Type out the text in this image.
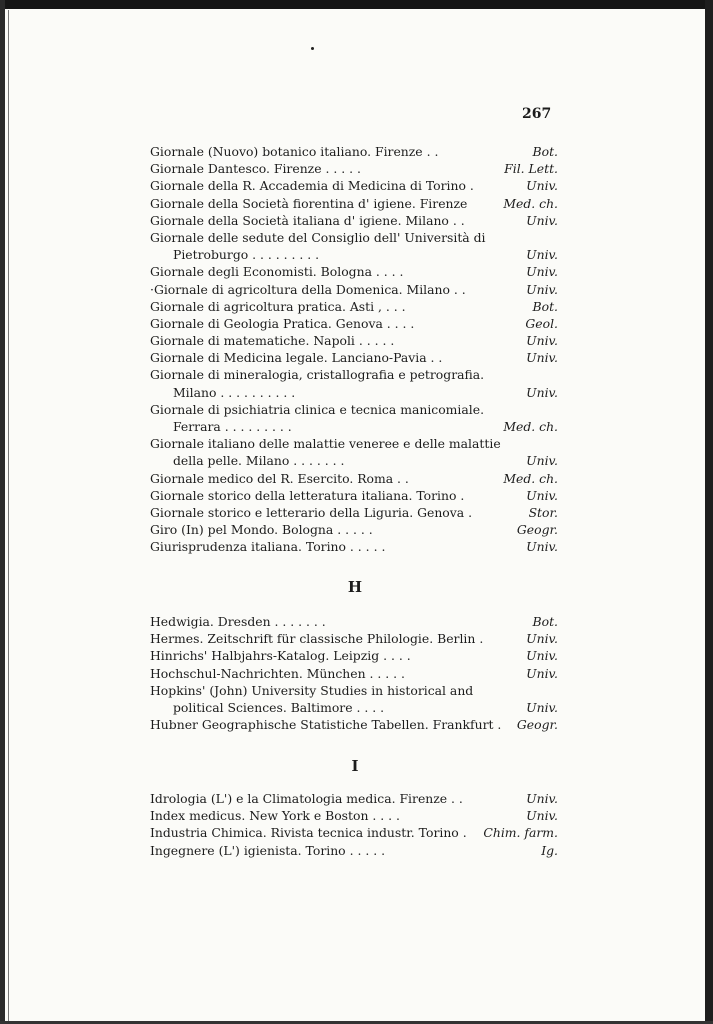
267
Giornale (Nuovo) botanico italiano. Firenze . .	Bot.
Giornale Dantesco. Firenze . . . . .	Fil. Lett.
Giornale della R. Accademia di Medicina di Torino .	Univ.
Giornale della Società fiorentina d' igiene. Firenze	Med. ch.
Giornale della Società italiana d' igiene. Milano . .	Univ.
Giornale delle sedute del Consiglio dell' Università di
Pietroburgo . . . . . . . . .	Univ.
Giornale degli Economisti. Bologna . . . .	Univ.
·Giornale di agricoltura della Domenica. Milano . .	Univ.
Giornale di agricoltura pratica. Asti , . . .	Bot.
Giornale di Geologia Pratica. Genova . . . .	Geol.
Giornale di matematiche. Napoli . . . . .	Univ.
Giornale di Medicina legale. Lanciano-Pavia . .	Univ.
Giornale di mineralogia, cristallografia e petrografia.
Milano . . . . . . . . . .	Univ.
Giornale di psichiatria clinica e tecnica manicomiale.
Ferrara . . . . . . . . .	Med. ch.
Giornale italiano delle malattie veneree e delle malattie
della pelle. Milano . . . . . . .	Univ.
Giornale medico del R. Esercito. Roma . .	Med. ch.
Giornale storico della letteratura italiana. Torino .	Univ.
Giornale storico e letterario della Liguria. Genova .	Stor.
Giro (In) pel Mondo. Bologna . . . . .	Geogr.
Giurisprudenza italiana. Torino . . . . .	Univ.
H
Hedwigia. Dresden . . . . . . .	Bot.
Hermes. Zeitschrift für classische Philologie. Berlin .	Univ.
Hinrichs' Halbjahrs-Katalog. Leipzig . . . .	Univ.
Hochschul-Nachrichten. München . . . . .	Univ.
Hopkins' (John) University Studies in historical and
political Sciences. Baltimore . . . .	Univ.
Hubner Geographische Statistiche Tabellen. Frankfurt . Geogr.
I
Idrologia (L') e la Climatologia medica. Firenze . .	Univ.
Index medicus. New York e Boston . . . .	Univ.
Industria Chimica. Rivista tecnica industr. Torino . Chim. farm.
Ingegnere (L') igienista. Torino . . . . .	Ig.
